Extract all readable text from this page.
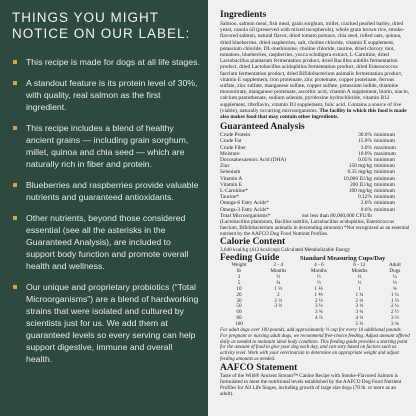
THINGS YOU MIGHT
NOTICE ON OUR LABEL:
This recipe is made for dogs at all life stages.
A standout feature is its protein level of 30%, with quality, real salmon as the first ingredient.
This recipe includes a blend of healthy ancient grains — including grain sorghum, millet, quinoa and chia seed — which are naturally rich in fiber and protein.
Blueberries and raspberries provide valuable nutrients and guaranteed antioxidants.
Other nutrients, beyond those considered essential (see all the asterisks in the Guaranteed Analysis), are included to support body function and promote overall health and wellness.
Our unique and proprietary probiotics (“Total Microorganisms”) are a blend of hardworking strains that were isolated and cultured by scientists just for us. We add them at guaranteed levels so every serving can help support digestive, immune and overall health.
Ingredients
Salmon, salmon meal, fish meal, grain sorghum, millet, cracked pearled barley, dried yeast, canola oil (preserved with mixed tocopherols), whole grain brown rice, smoke-flavored salmon, natural flavor, dried tomato pomace, chia seed, rolled oats, quinoa, dried blueberries, dried raspberries, salt, choline chloride, vitamin E supplement, potassium chloride, DL-methionine, choline chloride, taurine, dried chicory root, tomatoes, blueberries, raspberries, yucca schidigera extract, L-Carnitine, dried Lactobacillus plantarum fermentation product, dried Bacillus subtilis fermentation product, dried Lactobacillus acidophilus fermentation product, dried Enterococcus faecium fermentation product, dried Bifidobacterium animalis fermentation product, vitamin E supplement, iron proteinate, zinc proteinate, copper proteinate, ferrous sulfate, zinc sulfate, manganese sulfate, copper sulfate, potassium iodide, thiamine mononitrate, manganese proteinate, ascorbic acid, vitamin A supplement, biotin, niacin, calcium pantothenate, sodium selenite, pyridoxine hydrochloride, vitamin B12 supplement, riboflavin, vitamin D3 supplement, folic acid. Contains a source of live (viable), naturally occurring microorganisms. The facility in which this food is made also makes food that may contain other ingredients.
Guaranteed Analysis
Crude Protein	30.0%	minimum
Crude Fat	15.0%	minimum
Crude Fiber	3.0%	maximum
Moisture	10.0%	maximum
Docosahexaenoic Acid (DHA)	0.05%	minimum
Zinc	150 mg/kg	minimum
Selenium	0.35 mg/kg	minimum
Vitamin A	10,000 IU/kg	minimum
Vitamin E	200 IU/kg	minimum
L-Carnitine*	100 mg/kg	minimum
Taurine*	0.12%	minimum
Omega-6 Fatty Acids*	2.6%	minimum
Omega-3 Fatty Acids*	0.6%	minimum
Total Microorganisms*	not less than 80,000,000 CFU/lb	
(Lactobacillus plantarum, Bacillus subtilis, Lactobacillus acidophilus, Enterococcus faecium, Bifidobacterium animalis in descending amounts) *Not recognized as an essential nutrient by the AAFCO Dog Food Nutrient Profiles.
Calorie Content
3,640 kcal/kg (413 kcal/cup) Calculated Metabolizable Energy
Feeding Guide	Standard Measuring Cups/Day
Weight	2 - 4	4 - 6	6 - 12	Adult
lb	Months	Months	Months	Dogs
3	½	½	⅓	¼
5	¾	⅔	½	⅓
10	1 ⅓	1 ⅕	1	¾
20	2	1 ⅘	1 ¾	1 ¼
30	2 ⅔	2 ⅓	2 ⅓	1 ⅔
50	3 ⅔	3 ⅓	3 ⅓	2 ¼
60		3 ¾	3 ¾	2 ½
80		4 ⅔	4 ⅓	3 ⅔
100			5 ⅓	3 ¾
For adult dogs over 100 pounds, add approximately ½ cup for every 10 additional pounds. For pregnant or nursing adult dogs, we recommend free-choice feeding. Adjust amount offered daily as needed to maintain ideal body condition. This feeding guide provides a starting point for the amount of food to give your dog each day, and can vary based on factors such as activity level. Work with your veterinarian to determine an appropriate weight and adjust feeding amounts as needed.
AAFCO Statement
Taste of the Wild® Ancient Stream™ Canine Recipe with Smoke-Flavored Salmon is formulated to meet the nutritional levels established by the AAFCO Dog Food Nutrient Profiles for All Life Stages, including growth of large size dogs (70 lb. or more as an adult).
